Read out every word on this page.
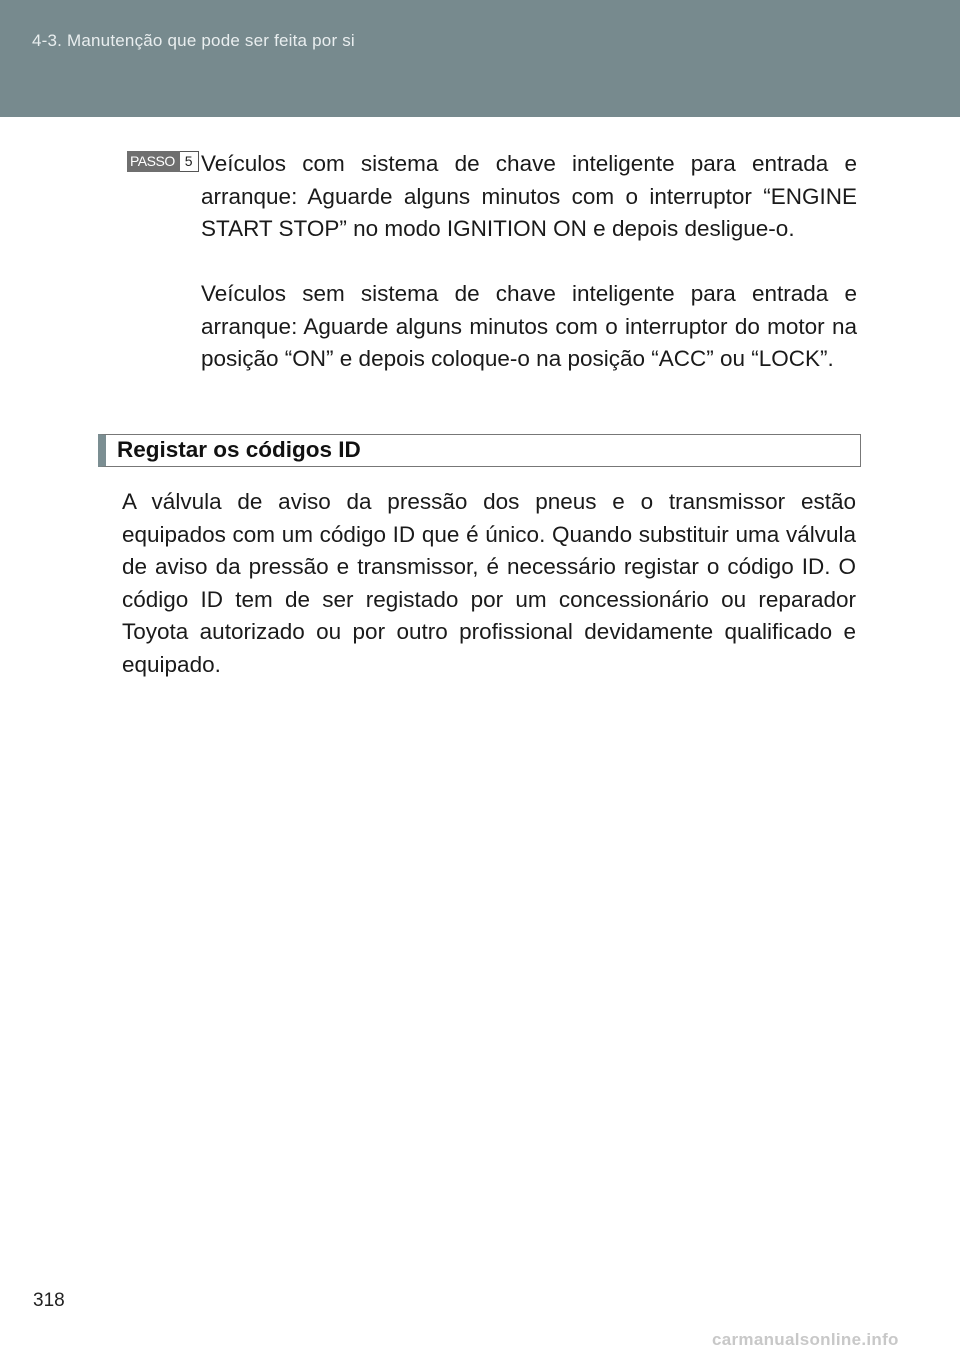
4-3. Manutenção que pode ser feita por si
PASSO 5 Veículos com sistema de chave inteligente para entrada e arranque: Aguarde alguns minutos com o interruptor “ENGINE START STOP” no modo IGNITION ON e depois desligue-o.
Veículos sem sistema de chave inteligente para entrada e arranque: Aguarde alguns minutos com o interruptor do motor na posição “ON” e depois coloque-o na posição “ACC” ou “LOCK”.
Registar os códigos ID
A válvula de aviso da pressão dos pneus e o transmissor estão equipados com um código ID que é único. Quando substituir uma válvula de aviso da pressão e transmissor, é necessário registar o código ID. O código ID tem de ser registado por um concessionário ou reparador Toyota autorizado ou por outro profissional devidamente qualificado e equipado.
318
carmanualsonline.info
